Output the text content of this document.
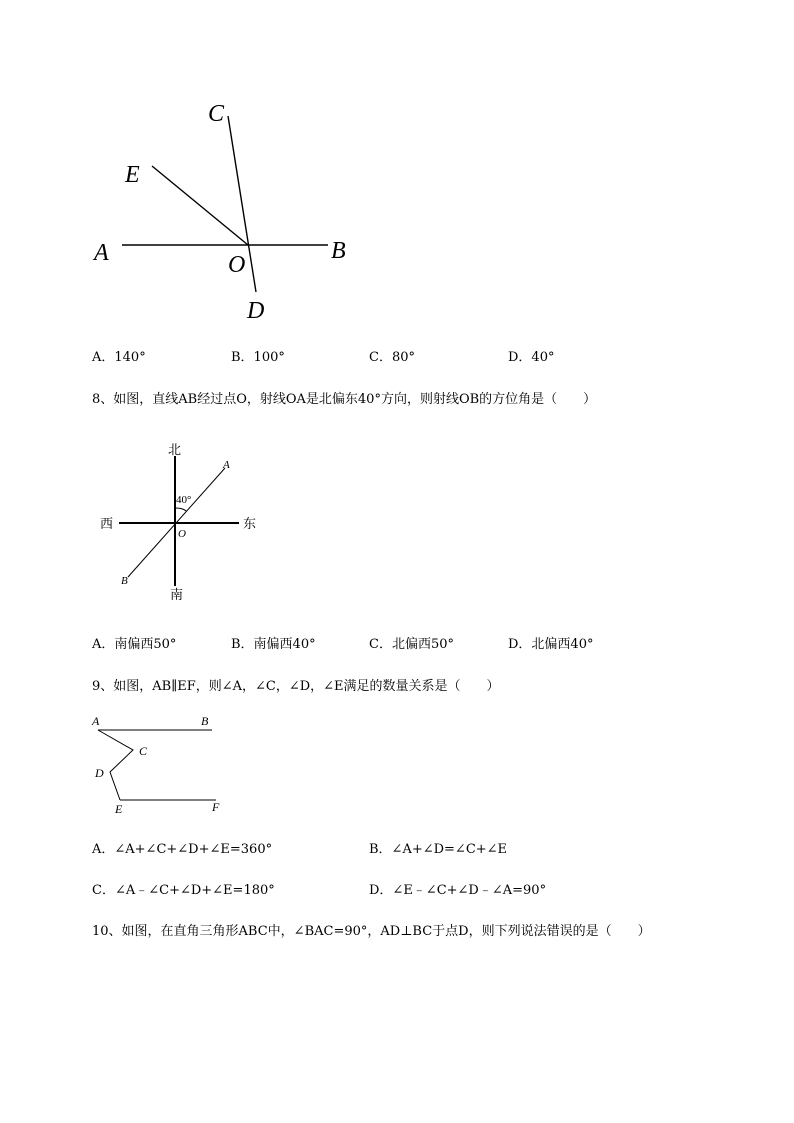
C
E
A	O
B
D
A．140°	B．100°	C．80°	D．40°
8、如图，直线AB经过点O，射线OA是北偏东40°方向，则射线OB的方位角是（　　）
北
南
西	东
40°
O
A
B
A．南偏西50°	B．南偏西40°	C．北偏西50°	D．北偏西40°
9、如图，AB∥EF，则∠A，∠C，∠D，∠E满足的数量关系是（　　）
A	B
C
D
E	F
A．∠A+∠C+∠D+∠E=360°	B．∠A+∠D=∠C+∠E
C．∠A﹣∠C+∠D+∠E=180°	D．∠E﹣∠C+∠D﹣∠A=90°
10、如图，在直角三角形ABC中，∠BAC=90°，AD⊥BC于点D，则下列说法错误的是（　　）
